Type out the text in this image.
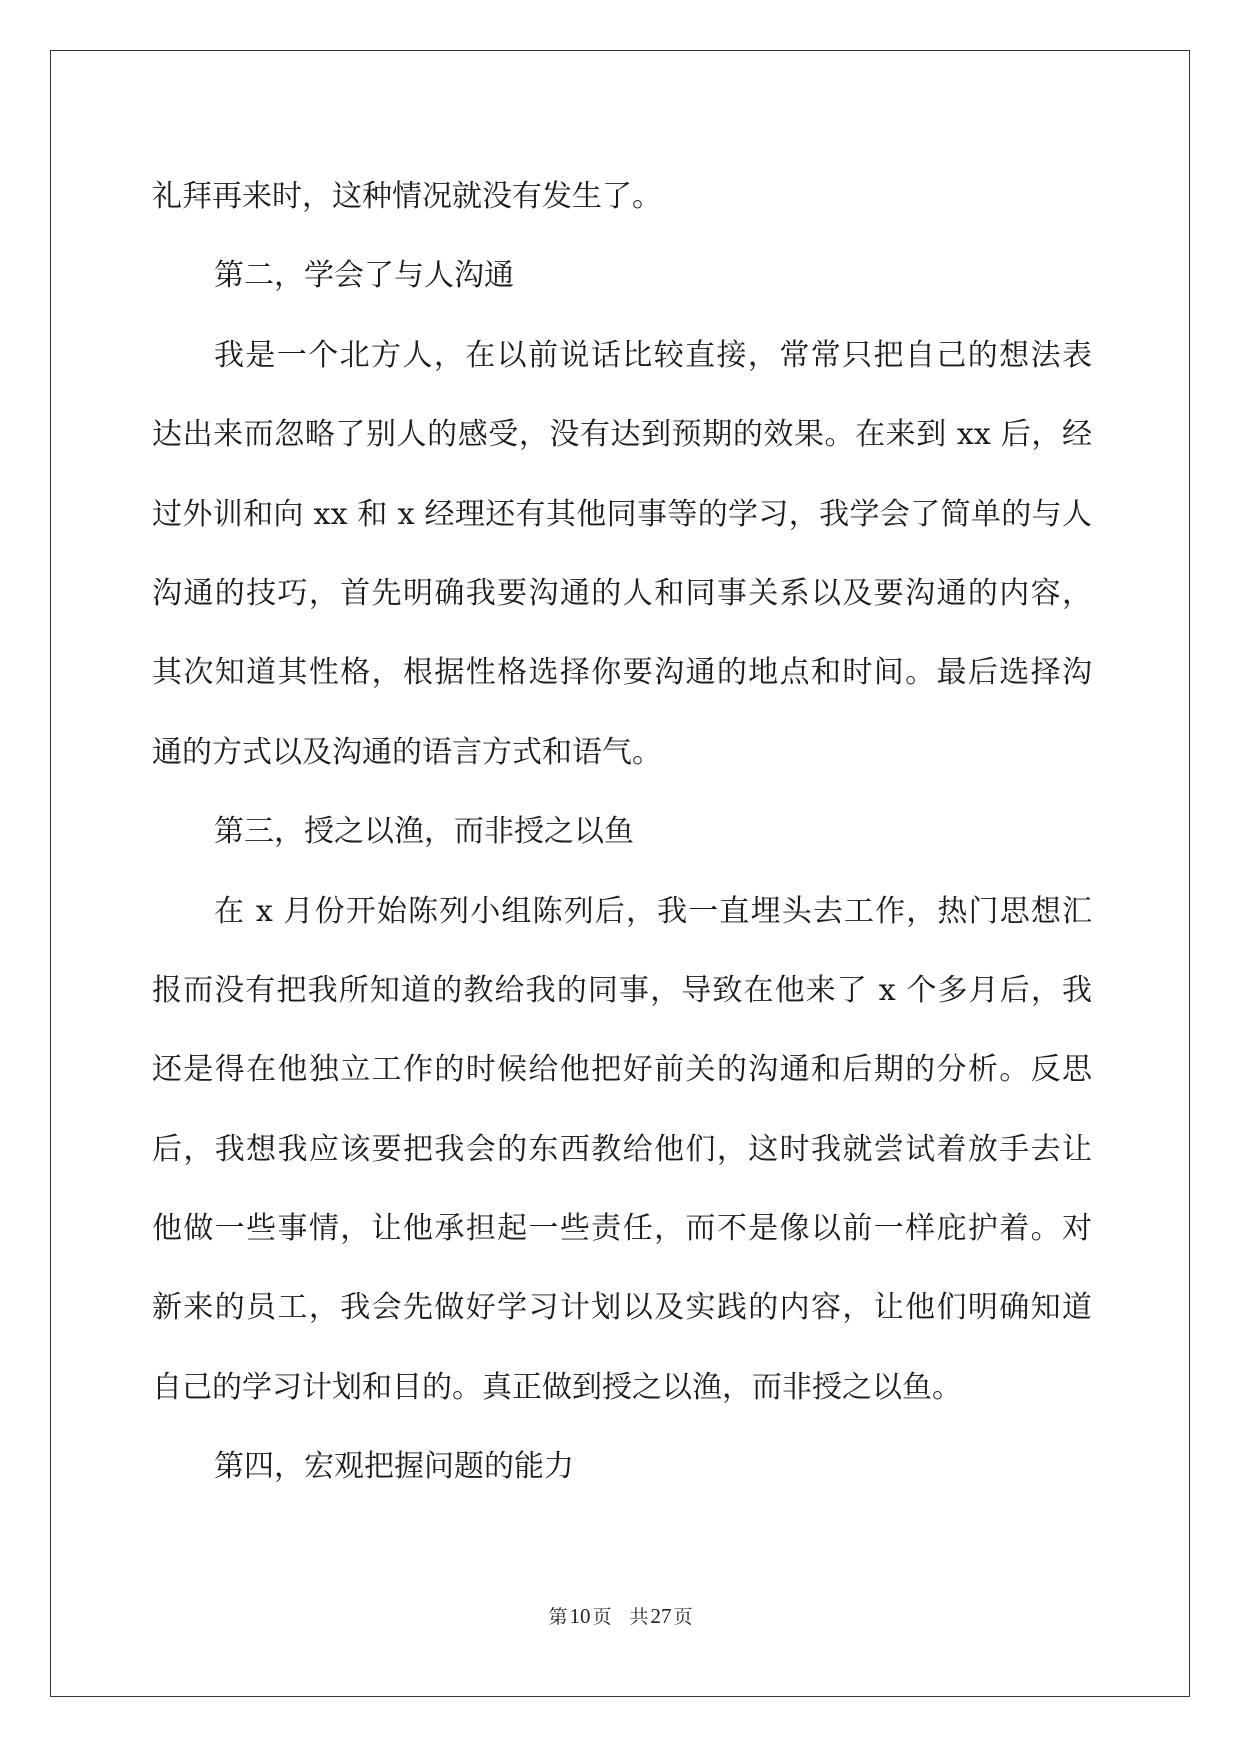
礼拜再来时，这种情况就没有发生了。
第二，学会了与人沟通
我是一个北方人，在以前说话比较直接，常常只把自己的想法表
达出来而忽略了别人的感受，没有达到预期的效果。在来到 xx 后，经
过外训和向 xx 和 x 经理还有其他同事等的学习，我学会了简单的与人
沟通的技巧，首先明确我要沟通的人和同事关系以及要沟通的内容，
其次知道其性格，根据性格选择你要沟通的地点和时间。最后选择沟
通的方式以及沟通的语言方式和语气。
第三，授之以渔，而非授之以鱼
在 x 月份开始陈列小组陈列后，我一直埋头去工作，热门思想汇
报而没有把我所知道的教给我的同事，导致在他来了 x 个多月后，我
还是得在他独立工作的时候给他把好前关的沟通和后期的分析。反思
后，我想我应该要把我会的东西教给他们，这时我就尝试着放手去让
他做一些事情，让他承担起一些责任，而不是像以前一样庇护着。对
新来的员工，我会先做好学习计划以及实践的内容，让他们明确知道
自己的学习计划和目的。真正做到授之以渔，而非授之以鱼。
第四，宏观把握问题的能力
第10 页 共27 页
